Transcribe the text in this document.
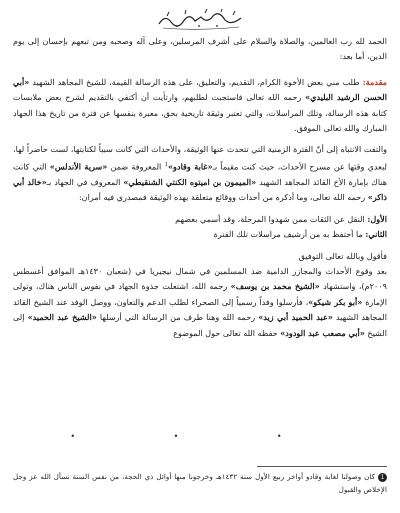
الحمد لله رب العالمين، والصلاة والسلام على أشرف المرسلين، وعلى آله وصحبه ومن تبعهم بإحسان إلى يوم الدين، أما بعد:

مقدمة: طلب مني بعض الأخوة الكرام، التقديم، والتعليق، على هذه الرسالة القيمة، للشيخ المجاهد الشهيد «أبي الحسن الرشيد البليدي» رحمه الله تعالى فاستجبت لطلبهم، وارتأيت أن أكتفي بالتقديم لشرح بعض ملابسات كتابة هذه الرسالة، وتلك المراسلات، والتي تعتبر وثيقة تاريخية بحق، معبرة بنفسها عن فترة من تاريخ هذا الجهاد المبارك والله تعالى الموفق.

والتفت الانتباه إلى أنّ الفترة الزمنية التي تتحدث عنها الوثيقة، والأحداث التي كانت سبباً لكتابتها، لست حاضراً لها، لبعدي وقتها عن مسرح الأحداث، حيث كنت مقيماً بـ«غابة وقادو»$^1$ المعروفة ضمن «سرية الأندلس» التي كانت هناك بإمارة الأخ القائد المجاهد الشهيد «الميمون بن اميتوه الكنتي الشنقيطي» المعروف في الجهاد بـ«خالد أبي ذاكر» رحمه الله تعالى، وما أذكره من أحداث ووقائع متعلقة بهذه الوثيقة فمصدري فيه أمران:

الأول: النقل عن الثقات ممن شهدوا المرحلة، وقد أسمي بعضهم

الثاني: ما أحتفظ به من أرشيف مراسلات تلك الفترة

فأقول وبالله تعالى التوفيق

بعد وقوع الأحداث والمجازر الدامية ضد المسلمين في شمال نيجيريا في (شعبان ١٤٣٠هـ الموافق أغسطس ٢٠٠٩م)، واستشهاد «الشيخ محمد بن يوسف» رحمه الله، اشتعلت جذوة الجهاد في نفوس الناس هناك، وتولى الإمارة «أبو بكر شيكو»، فأرسلوا وفداً رسمياً إلى الصحراء لطلب الدعم والتعاون، ووصل الوفد عند الشيخ القائد المجاهد الشهيد «عبد الحميد أبي زيد» رحمه الله وهنا طرف من الرسالة التي أرسلها «الشيخ عبد الحميد» إلى الشيخ «أبي مصعب عبد الودود» حفظه الله تعالى حول الموضوع

• • •
1كان وصولنا لغابة وقادو أواخر ربيع الأول سنة ١٤٣٢هـ وخرجونا منها أوائل ذي الحجة، من نفس السنة نسأل الله عز وجل الإخلاص والقبول
